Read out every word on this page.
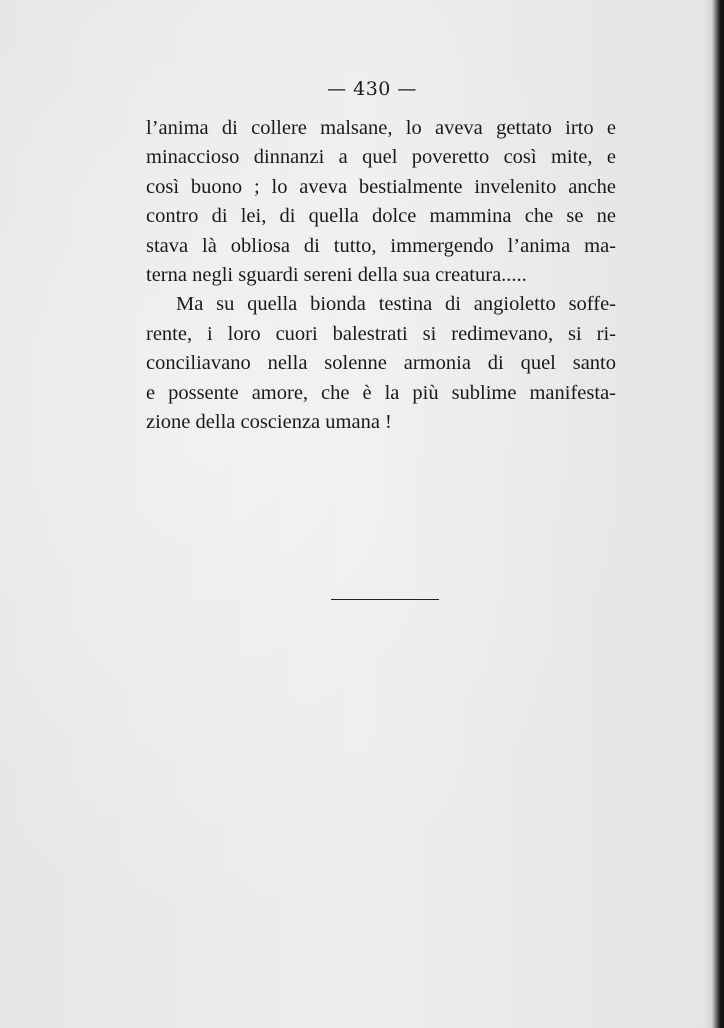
— 430 —
l’anima di collere malsane, lo aveva gettato irto e
minaccioso dinnanzi a quel poveretto così mite, e
così buono ; lo aveva bestialmente invelenito anche
contro di lei, di quella dolce mammina che se ne
stava là obliosa di tutto, immergendo l’anima ma-
terna negli sguardi sereni della sua creatura.....
Ma su quella bionda testina di angioletto soffe-
rente, i loro cuori balestrati si redimevano, si ri-
conciliavano nella solenne armonia di quel santo
e possente amore, che è la più sublime manifesta-
zione della coscienza umana !
